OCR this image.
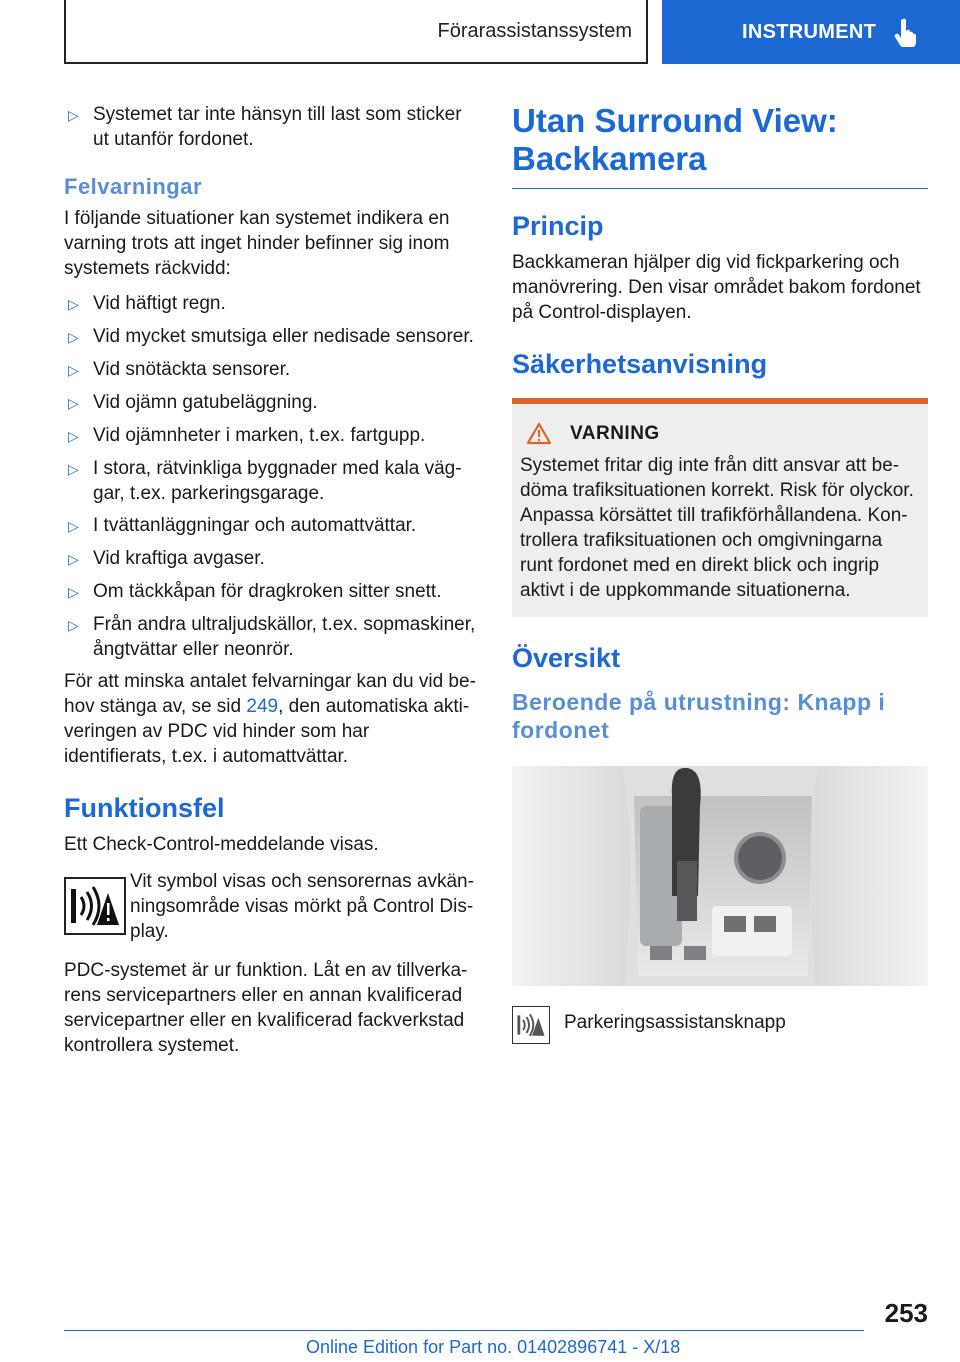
Förarassistanssystem	INSTRUMENT
▷ Systemet tar inte hänsyn till last som sticker ut utanför fordonet.
Felvarningar

I följande situationer kan systemet indikera en varning trots att inget hinder befinner sig inom systemets räckvidd:

▷ Vid häftigt regn.
▷ Vid mycket smutsiga eller nedisade sensorer.
▷ Vid snötäckta sensorer.
▷ Vid ojämn gatubeläggning.
▷ Vid ojämnheter i marken, t.ex. fartgupp.
▷ I stora, rätvinkliga byggnader med kala väggar, t.ex. parkeringsgarage.
▷ I tvättanläggningar och automattvättar.
▷ Vid kraftiga avgaser.
▷ Om täckkåpan för dragkroken sitter snett.
▷ Från andra ultraljudskällor, t.ex. sopmaskiner, ångtvättar eller neonrör.

För att minska antalet felvarningar kan du vid behov stänga av, se sid 249, den automatiska aktiveringen av PDC vid hinder som har identifierats, t.ex. i automattvättar.

Funktionsfel

Ett Check-Control-meddelande visas.

Vit symbol visas och sensorernas avkänningsområde visas mörkt på Control Display.

PDC-systemet är ur funktion. Låt en av tillverkarens servicepartners eller en annan kvalificerad servicepartner eller en kvalificerad fackverkstad kontrollera systemet.

Utan Surround View: Backkamera
Princip

Backkameran hjälper dig vid fickparkering och manövrering. Den visar området bakom fordonet på Control-displayen.

Säkerhetsanvisning
VARNING

Systemet fritar dig inte från ditt ansvar att bedöma trafiksituationen korrekt. Risk för olyckor. Anpassa körsättet till trafikförhållandena. Kontrollera trafiksituationen och omgivningarna runt fordonet med en direkt blick och ingrip aktivt i de uppkommande situationerna.

Översikt
Beroende på utrustning: Knapp i fordonet

Parkeringsassistansknapp

253
Online Edition for Part no. 01402896741 - X/18
